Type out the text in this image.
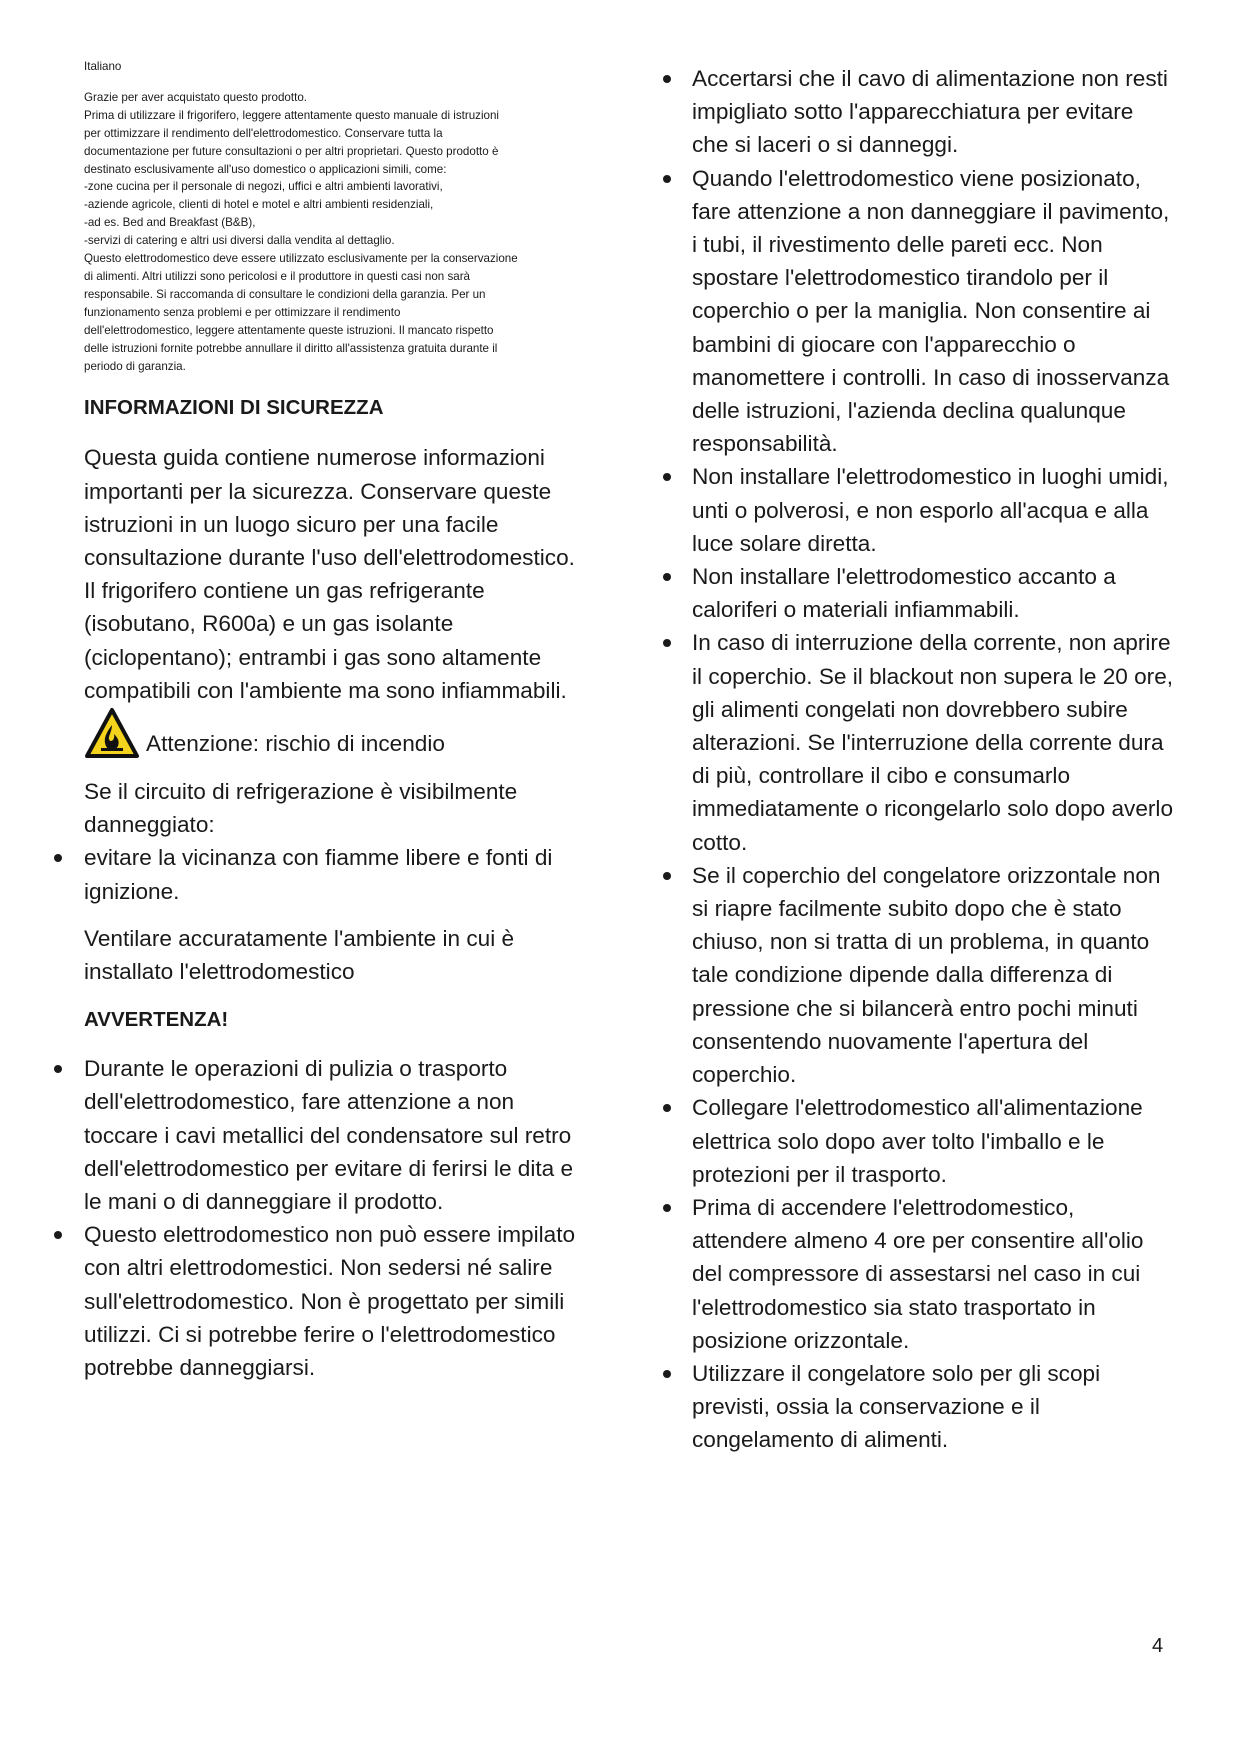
Italiano

Grazie per aver acquistato questo prodotto.
Prima di utilizzare il frigorifero, leggere attentamente questo manuale di istruzioni
per ottimizzare il rendimento dell'elettrodomestico. Conservare tutta la
documentazione per future consultazioni o per altri proprietari. Questo prodotto è
destinato esclusivamente all'uso domestico o applicazioni simili, come:
-zone cucina per il personale di negozi, uffici e altri ambienti lavorativi,
-aziende agricole, clienti di hotel e motel e altri ambienti residenziali,
-ad es. Bed and Breakfast (B&B),
-servizi di catering e altri usi diversi dalla vendita al dettaglio.
Questo elettrodomestico deve essere utilizzato esclusivamente per la conservazione
di alimenti. Altri utilizzi sono pericolosi e il produttore in questi casi non sarà
responsabile. Si raccomanda di consultare le condizioni della garanzia. Per un
funzionamento senza problemi e per ottimizzare il rendimento
dell'elettrodomestico, leggere attentamente queste istruzioni. Il mancato rispetto
delle istruzioni fornite potrebbe annullare il diritto all'assistenza gratuita durante il
periodo di garanzia.

INFORMAZIONI DI SICUREZZA

Questa guida contiene numerose informazioni importanti per la sicurezza. Conservare queste istruzioni in un luogo sicuro per una facile consultazione durante l'uso dell'elettrodomestico.
Il frigorifero contiene un gas refrigerante (isobutano, R600a) e un gas isolante (ciclopentano); entrambi i gas sono altamente compatibili con l'ambiente ma sono infiammabili.

Attenzione: rischio di incendio

Se il circuito di refrigerazione è visibilmente danneggiato:

evitare la vicinanza con fiamme libere e fonti di ignizione.

Ventilare accuratamente l'ambiente in cui è installato l'elettrodomestico

AVVERTENZA!

Durante le operazioni di pulizia o trasporto dell'elettrodomestico, fare attenzione a non toccare i cavi metallici del condensatore sul retro dell'elettrodomestico per evitare di ferirsi le dita e le mani o di danneggiare il prodotto.
Questo elettrodomestico non può essere impilato con altri elettrodomestici. Non sedersi né salire sull'elettrodomestico. Non è progettato per simili utilizzi. Ci si potrebbe ferire o l'elettrodomestico potrebbe danneggiarsi.
Accertarsi che il cavo di alimentazione non resti impigliato sotto l'apparecchiatura per evitare che si laceri o si danneggi.
Quando l'elettrodomestico viene posizionato, fare attenzione a non danneggiare il pavimento, i tubi, il rivestimento delle pareti ecc. Non spostare l'elettrodomestico tirandolo per il coperchio o per la maniglia. Non consentire ai bambini di giocare con l'apparecchio o manomettere i controlli. In caso di inosservanza delle istruzioni, l'azienda declina qualunque responsabilità.
Non installare l'elettrodomestico in luoghi umidi, unti o polverosi, e non esporlo all'acqua e alla luce solare diretta.
Non installare l'elettrodomestico accanto a caloriferi o materiali infiammabili.
In caso di interruzione della corrente, non aprire il coperchio. Se il blackout non supera le 20 ore, gli alimenti congelati non dovrebbero subire alterazioni. Se l'interruzione della corrente dura di più, controllare il cibo e consumarlo immediatamente o ricongelarlo solo dopo averlo cotto.
Se il coperchio del congelatore orizzontale non si riapre facilmente subito dopo che è stato chiuso, non si tratta di un problema, in quanto tale condizione dipende dalla differenza di pressione che si bilancerà entro pochi minuti consentendo nuovamente l'apertura del coperchio.
Collegare l'elettrodomestico all'alimentazione elettrica solo dopo aver tolto l'imballo e le protezioni per il trasporto.
Prima di accendere l'elettrodomestico, attendere almeno 4 ore per consentire all'olio del compressore di assestarsi nel caso in cui l'elettrodomestico sia stato trasportato in posizione orizzontale.
Utilizzare il congelatore solo per gli scopi previsti, ossia la conservazione e il congelamento di alimenti.
4
